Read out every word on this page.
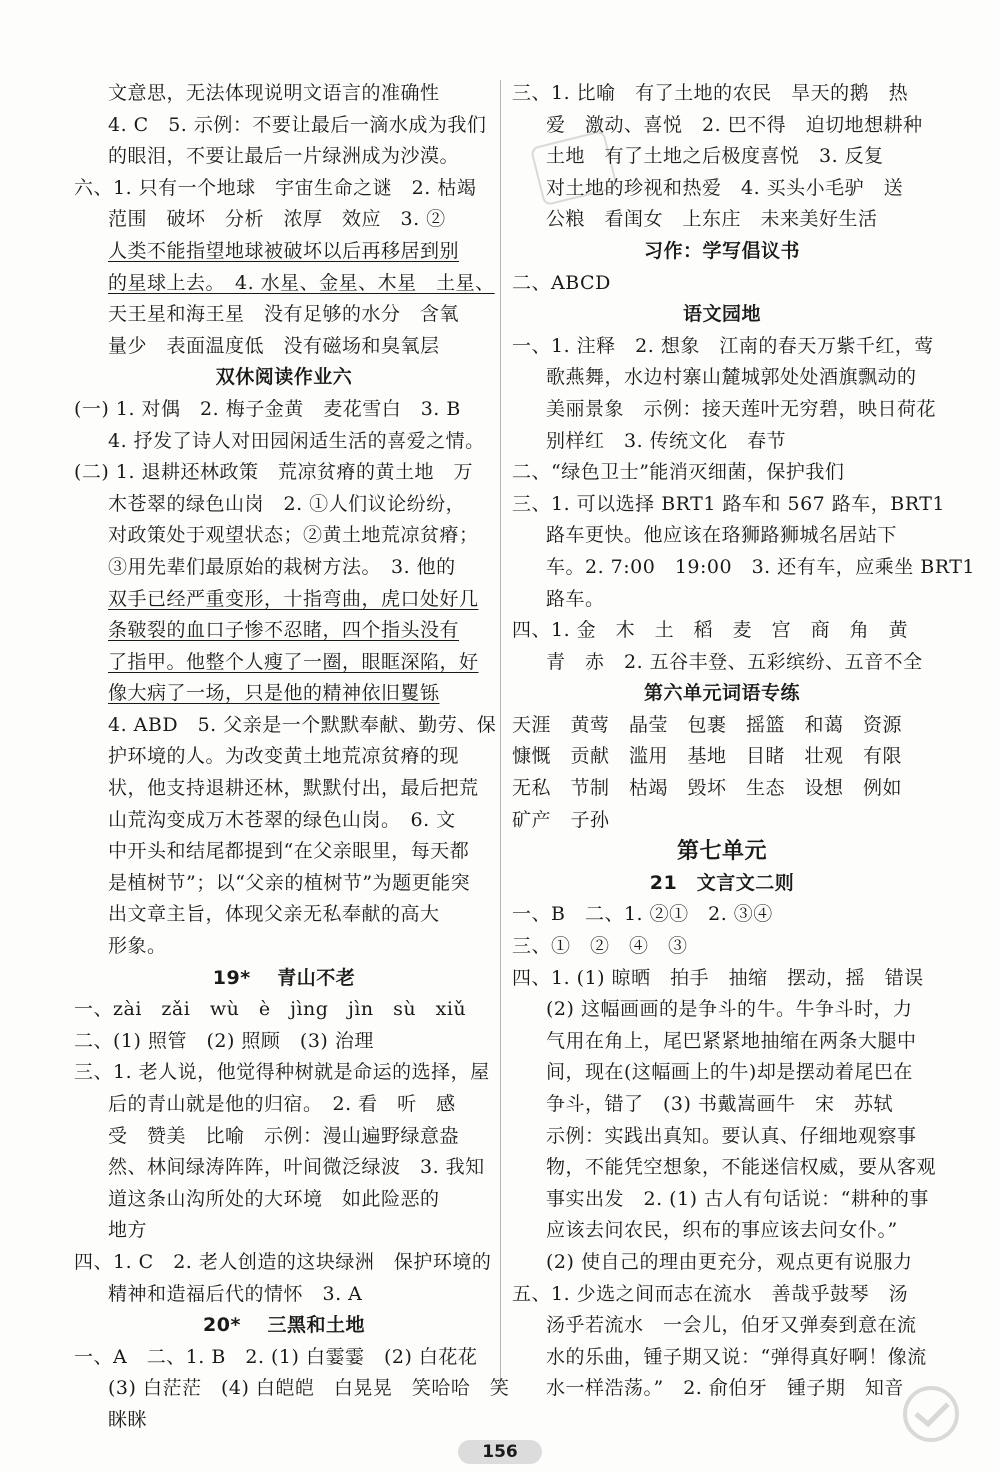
文意思，无法体现说明文语言的准确性
4. C　5. 示例：不要让最后一滴水成为我们
的眼泪，不要让最后一片绿洲成为沙漠。
六、1. 只有一个地球　宇宙生命之谜　2. 枯竭
范围　破坏　分析　浓厚　效应　3. ②
人类不能指望地球被破坏以后再移居到别
的星球上去。　4. 水星、金星、木星　土星、
天王星和海王星　没有足够的水分　含氧
量少　表面温度低　没有磁场和臭氧层
双休阅读作业六
(一) 1. 对偶　2. 梅子金黄　麦花雪白　3. B
4. 抒发了诗人对田园闲适生活的喜爱之情。
(二) 1. 退耕还林政策　荒凉贫瘠的黄土地　万
木苍翠的绿色山岗　2. ①人们议论纷纷，
对政策处于观望状态；②黄土地荒凉贫瘠；
③用先辈们最原始的栽树方法。　3. 他的
双手已经严重变形，十指弯曲，虎口处好几
条皲裂的血口子惨不忍睹，四个指头没有
了指甲。他整个人瘦了一圈，眼眶深陷，好
像大病了一场，只是他的精神依旧矍铄
4. ABD　5. 父亲是一个默默奉献、勤劳、保
护环境的人。为改变黄土地荒凉贫瘠的现
状，他支持退耕还林，默默付出，最后把荒
山荒沟变成万木苍翠的绿色山岗。　6. 文
中开头和结尾都提到“在父亲眼里，每天都
是植树节”；以“父亲的植树节”为题更能突
出文章主旨，体现父亲无私奉献的高大
形象。
19* 　青山不老
一、zài　zǎi　wù　è　jìng　jìn　sù　xiǔ
二、(1) 照管　(2) 照顾　(3) 治理
三、1. 老人说，他觉得种树就是命运的选择，屋
后的青山就是他的归宿。　2. 看　听　感
受　赞美　比喻　示例：漫山遍野绿意盎
然、林间绿涛阵阵，叶间微泛绿波　3. 我知
道这条山沟所处的大环境　如此险恶的
地方
四、1. C　2. 老人创造的这块绿洲　保护环境的
精神和造福后代的情怀　3. A
20* 　三黑和土地
一、A　二、1. B　2. (1) 白霎霎　(2) 白花花
(3) 白茫茫　(4) 白皑皑　白晃晃　笑哈哈　笑
眯眯
三、1. 比喻　有了土地的农民　旱天的鹅　热
爱　激动、喜悦　2. 巴不得　迫切地想耕种
土地　有了土地之后极度喜悦　3. 反复
对土地的珍视和热爱　4. 买头小毛驴　送
公粮　看闺女　上东庄　未来美好生活
习作：学写倡议书
二、ABCD
语文园地
一、1. 注释　2. 想象　江南的春天万紫千红，莺
歌燕舞，水边村寨山麓城郭处处酒旗飘动的
美丽景象　示例：接天莲叶无穷碧，映日荷花
别样红　3. 传统文化　春节
二、“绿色卫士”能消灭细菌，保护我们
三、1. 可以选择 BRT1 路车和 567 路车，BRT1
路车更快。他应该在珞狮路狮城名居站下
车。2. 7:00　19:00　3. 还有车，应乘坐 BRT1
路车。
四、1. 金　木　土　稻　麦　宫　商　角　黄
青　赤　2. 五谷丰登、五彩缤纷、五音不全
第六单元词语专练
天涯　黄莺　晶莹　包裹　摇篮　和蔼　资源
慷慨　贡献　滥用　基地　目睹　壮观　有限
无私　节制　枯竭　毁坏　生态　设想　例如
矿产　子孙
第七单元
21　文言文二则
一、B　二、1. ②①　2. ③④
三、①　②　④　③
四、1. (1) 晾晒　拍手　抽缩　摆动，摇　错误
(2) 这幅画画的是争斗的牛。牛争斗时，力
气用在角上，尾巴紧紧地抽缩在两条大腿中
间，现在(这幅画上的牛)却是摆动着尾巴在
争斗，错了　(3) 书戴嵩画牛　宋　苏轼
示例：实践出真知。要认真、仔细地观察事
物，不能凭空想象，不能迷信权威，要从客观
事实出发　2. (1) 古人有句话说：“耕种的事
应该去问农民，织布的事应该去问女仆。”
(2) 使自己的理由更充分，观点更有说服力
五、1. 少选之间而志在流水　善哉乎鼓琴　汤
汤乎若流水　一会儿，伯牙又弹奏到意在流
水的乐曲，锺子期又说：“弹得真好啊！像流
水一样浩荡。”　2. 俞伯牙　锺子期　知音
156
